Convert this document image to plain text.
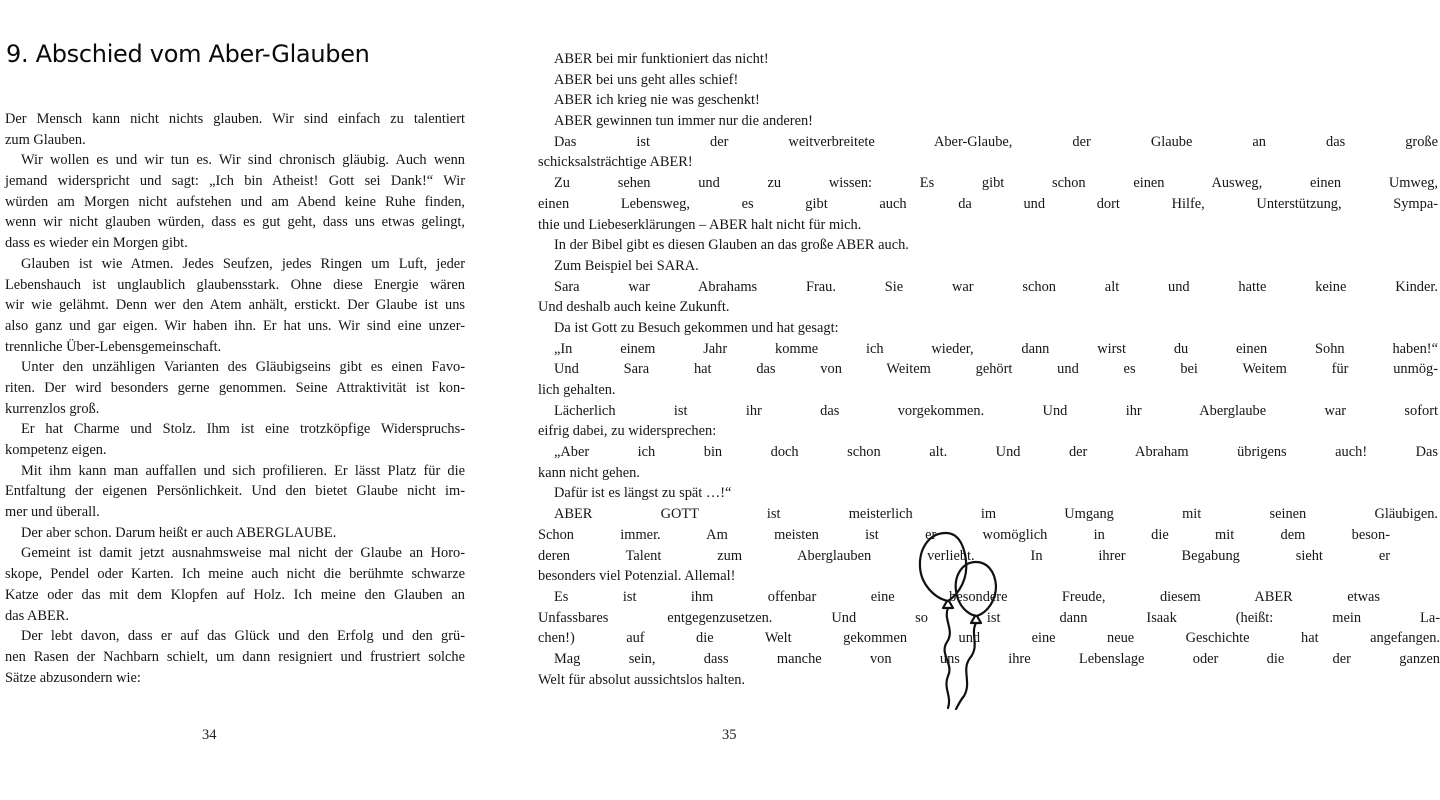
9. Abschied vom Aber-Glauben
Der Mensch kann nicht nichts glauben. Wir sind einfach zu talentiert
zum Glauben.
Wir wollen es und wir tun es. Wir sind chronisch gläubig. Auch wenn
jemand widerspricht und sagt: „Ich bin Atheist! Gott sei Dank!“ Wir
würden am Morgen nicht aufstehen und am Abend keine Ruhe finden,
wenn wir nicht glauben würden, dass es gut geht, dass uns etwas gelingt,
dass es wieder ein Morgen gibt.
Glauben ist wie Atmen. Jedes Seufzen, jedes Ringen um Luft, jeder
Lebenshauch ist unglaublich glaubensstark. Ohne diese Energie wären
wir wie gelähmt. Denn wer den Atem anhält, erstickt. Der Glaube ist uns
also ganz und gar eigen. Wir haben ihn. Er hat uns. Wir sind eine unzer-
trennliche Über-Lebensgemeinschaft.
Unter den unzähligen Varianten des Gläubigseins gibt es einen Favo-
riten. Der wird besonders gerne genommen. Seine Attraktivität ist kon-
kurrenzlos groß.
Er hat Charme und Stolz. Ihm ist eine trotzköpfige Widerspruchs-
kompetenz eigen.
Mit ihm kann man auffallen und sich profilieren. Er lässt Platz für die
Entfaltung der eigenen Persönlichkeit. Und den bietet Glaube nicht im-
mer und überall.
Der aber schon. Darum heißt er auch ABERGLAUBE.
Gemeint ist damit jetzt ausnahmsweise mal nicht der Glaube an Horo-
skope, Pendel oder Karten. Ich meine auch nicht die berühmte schwarze
Katze oder das mit dem Klopfen auf Holz. Ich meine den Glauben an
das ABER.
Der lebt davon, dass er auf das Glück und den Erfolg und den grü-
nen Rasen der Nachbarn schielt, um dann resigniert und frustriert solche
Sätze abzusondern wie:
34
ABER bei mir funktioniert das nicht!
ABER bei uns geht alles schief!
ABER ich krieg nie was geschenkt!
ABER gewinnen tun immer nur die anderen!
Das ist der weitverbreitete Aber-Glaube, der Glaube an das große
schicksalsträchtige ABER!
Zu sehen und zu wissen: Es gibt schon einen Ausweg, einen Umweg,
einen Lebensweg, es gibt auch da und dort Hilfe, Unterstützung, Sympa-
thie und Liebeserklärungen – ABER halt nicht für mich.
In der Bibel gibt es diesen Glauben an das große ABER auch.
Zum Beispiel bei SARA.
Sara war Abrahams Frau. Sie war schon alt und hatte keine Kinder.
Und deshalb auch keine Zukunft.
Da ist Gott zu Besuch gekommen und hat gesagt:
„In einem Jahr komme ich wieder, dann wirst du einen Sohn haben!“
Und Sara hat das von Weitem gehört und es bei Weitem für unmög-
lich gehalten.
Lächerlich ist ihr das vorgekommen. Und ihr Aberglaube war sofort
eifrig dabei, zu widersprechen:
„Aber ich bin doch schon alt. Und der Abraham übrigens auch! Das
kann nicht gehen.
Dafür ist es längst zu spät …!“
ABER GOTT ist meisterlich im Umgang mit seinen Gläubigen.
Schon immer. Am meisten ist er womöglich in die mit dem beson-
deren Talent zum Aberglauben verliebt. In ihrer Begabung sieht er
besonders viel Potenzial. Allemal!
Es ist ihm offenbar eine besondere Freude, diesem ABER etwas
Unfassbares entgegenzusetzen. Und so ist dann Isaak (heißt: mein La-
chen!) auf die Welt gekommen und eine neue Geschichte hat angefangen.
Mag sein, dass manche von uns ihre Lebenslage oder die der ganzen
Welt für absolut aussichtslos halten.
35
